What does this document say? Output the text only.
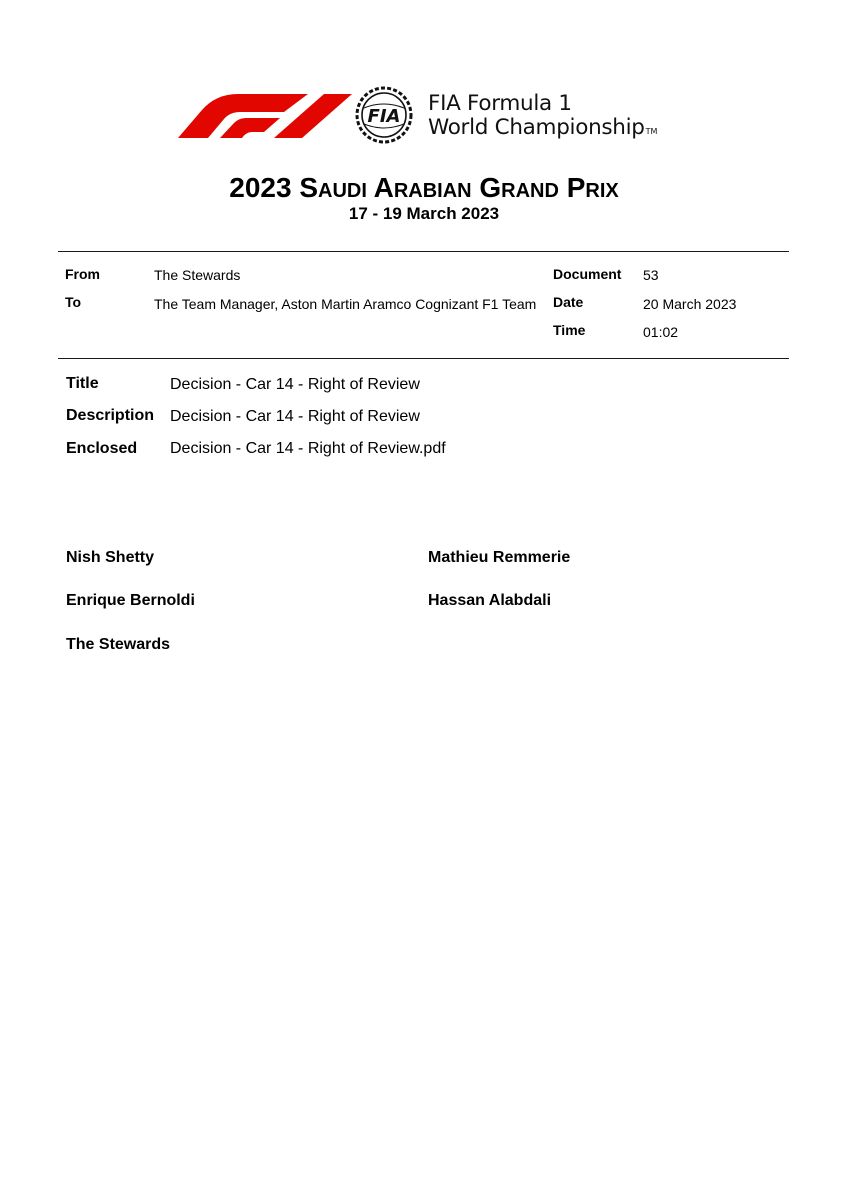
FIA
FIA Formula 1
World ChampionshipTM
2023 Saudi Arabian Grand Prix
17 - 19 March 2023
From	The Stewards
To	The Team Manager, Aston Martin Aramco Cognizant F1 Team
Document 53
Date	20 March 2023
Time	01:02
Title	Decision - Car 14 - Right of Review
Description Decision - Car 14 - Right of Review
Enclosed Decision - Car 14 - Right of Review.pdf
Nish Shetty	Mathieu Remmerie
Enrique Bernoldi	Hassan Alabdali
The Stewards
